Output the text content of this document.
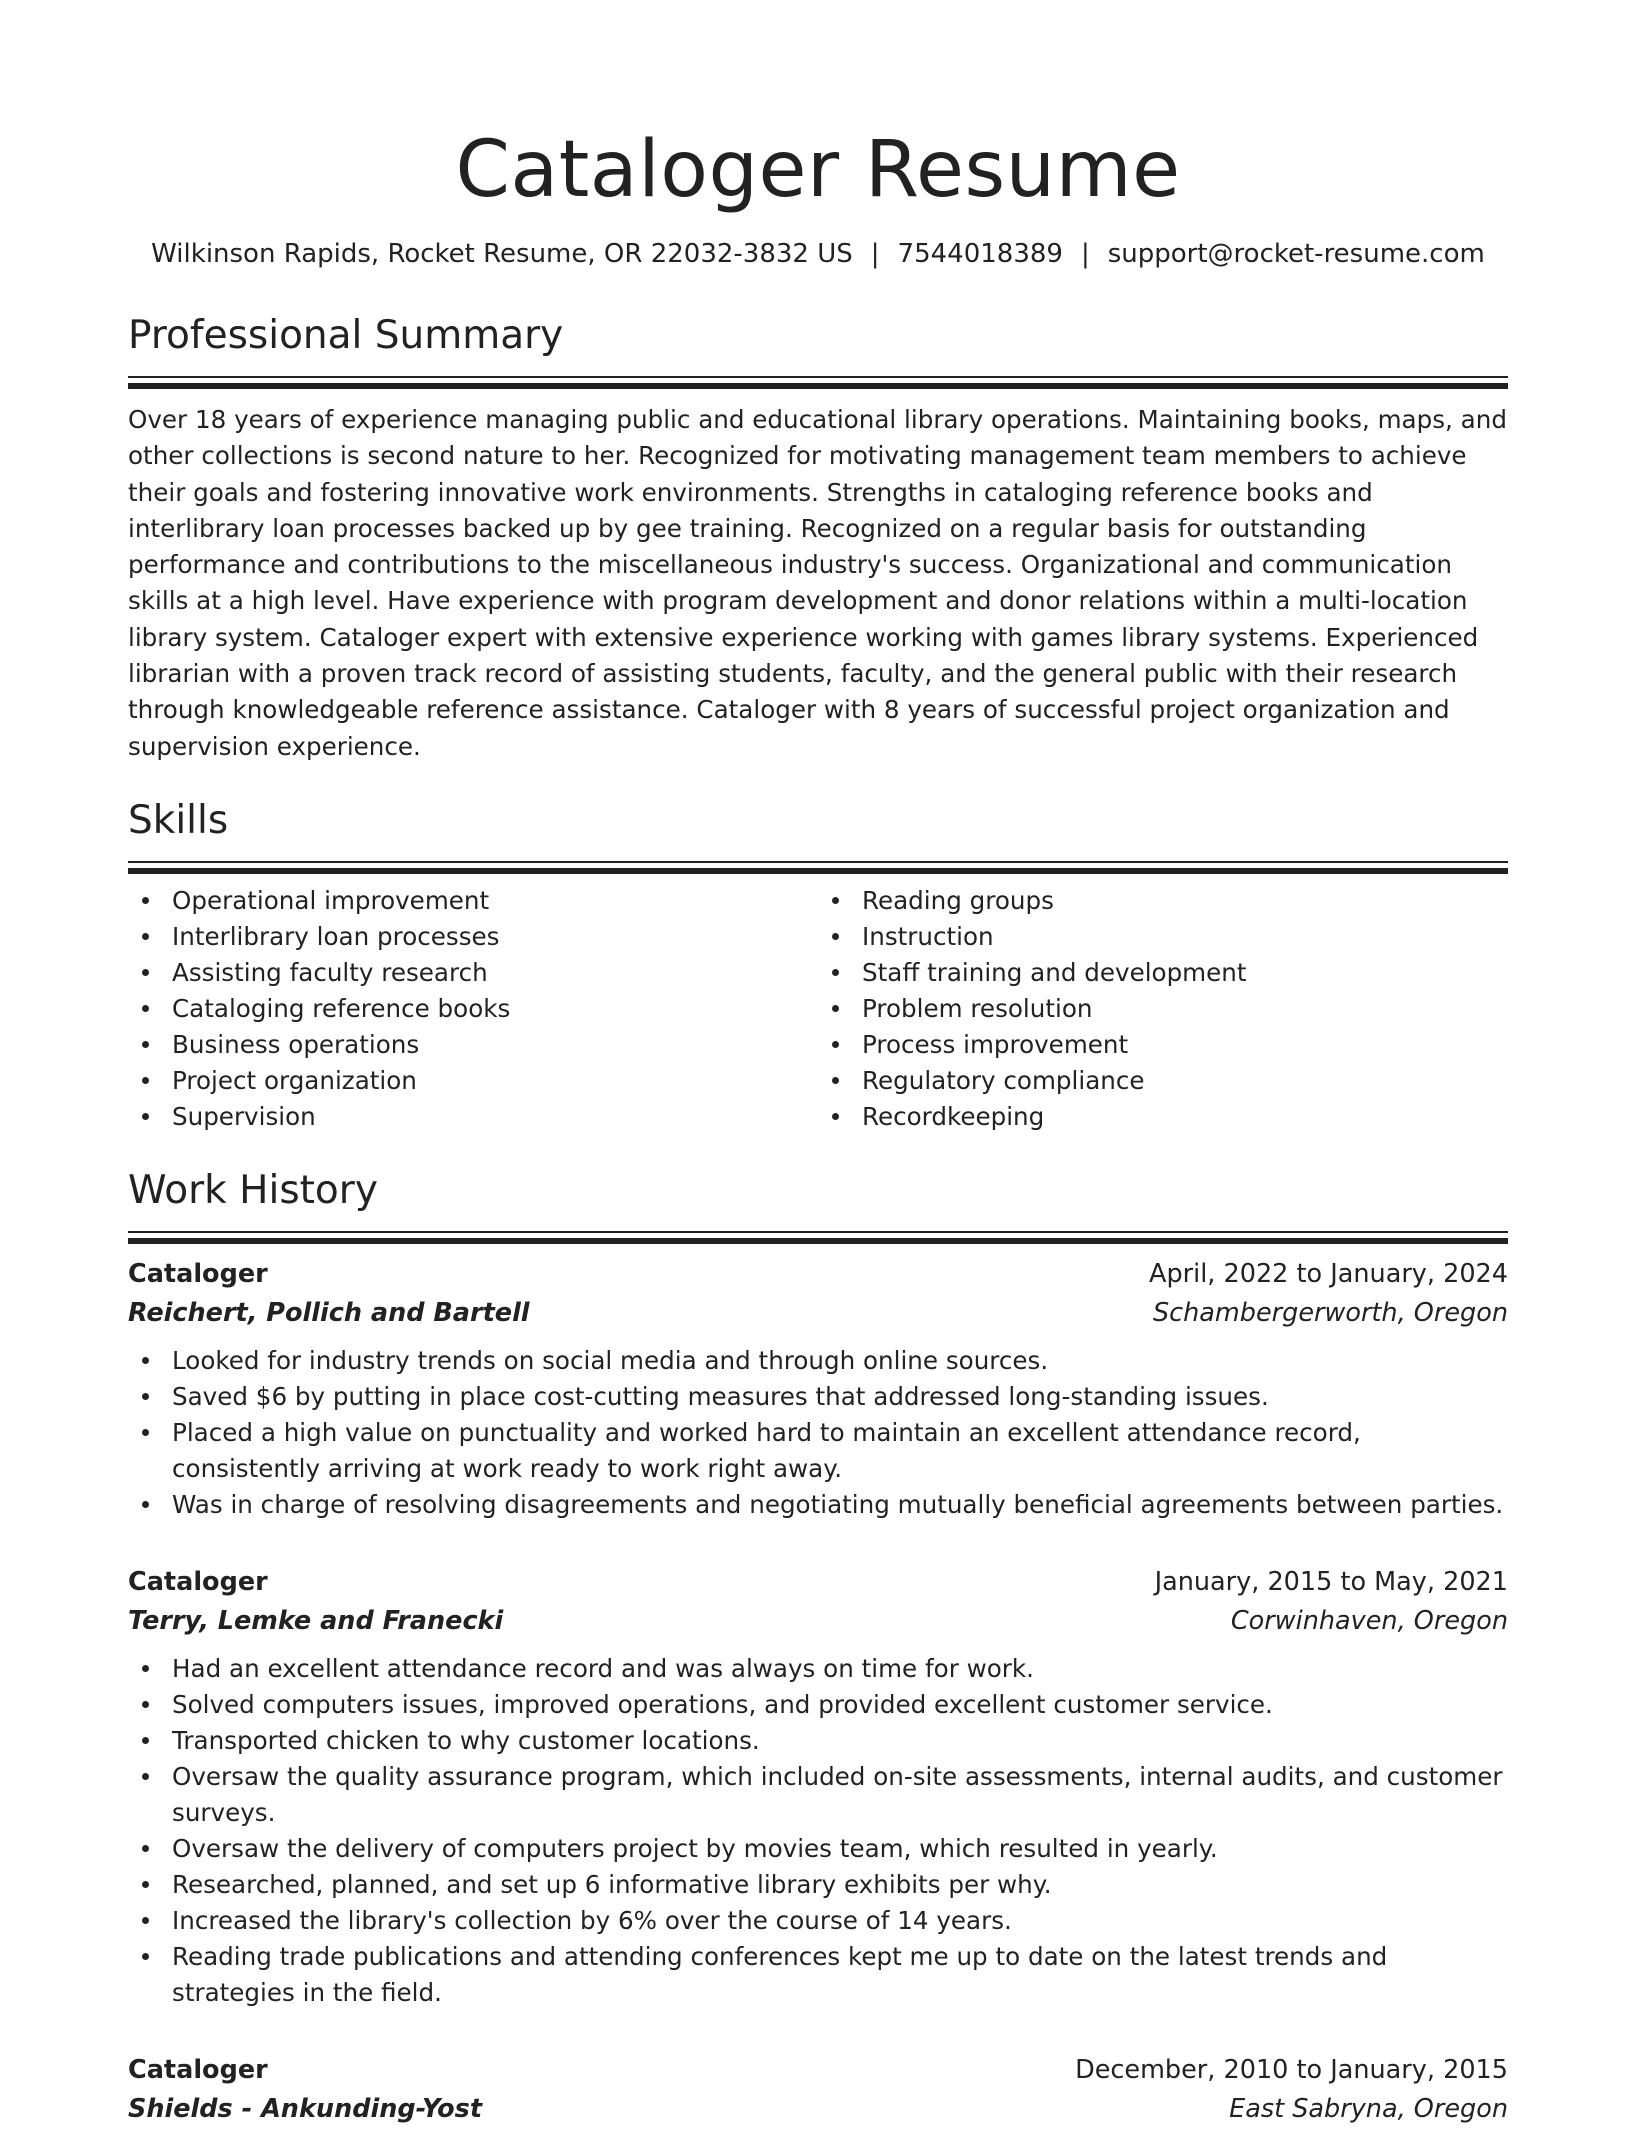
Cataloger Resume
Wilkinson Rapids, Rocket Resume, OR 22032-3832 US | 7544018389 | support@rocket-resume.com
Professional Summary

Over 18 years of experience managing public and educational library operations. Maintaining books, maps, and other collections is second nature to her. Recognized for motivating management team members to achieve their goals and fostering innovative work environments. Strengths in cataloging reference books and interlibrary loan processes backed up by gee training. Recognized on a regular basis for outstanding performance and contributions to the miscellaneous industry's success. Organizational and communication skills at a high level. Have experience with program development and donor relations within a multi-location library system. Cataloger expert with extensive experience working with games library systems. Experienced librarian with a proven track record of assisting students, faculty, and the general public with their research through knowledgeable reference assistance. Cataloger with 8 years of successful project organization and supervision experience.

Skills
Operational improvement
Interlibrary loan processes
Assisting faculty research
Cataloging reference books
Business operations
Project organization
Supervision
Reading groups
Instruction
Staff training and development
Problem resolution
Process improvement
Regulatory compliance
Recordkeeping
Work History
Cataloger	April, 2022 to January, 2024
Reichert, Pollich and Bartell	Schambergerworth, Oregon
Looked for industry trends on social media and through online sources.
Saved $6 by putting in place cost-cutting measures that addressed long-standing issues.
Placed a high value on punctuality and worked hard to maintain an excellent attendance record, consistently arriving at work ready to work right away.
Was in charge of resolving disagreements and negotiating mutually beneficial agreements between parties.
Cataloger	January, 2015 to May, 2021
Terry, Lemke and Franecki	Corwinhaven, Oregon
Had an excellent attendance record and was always on time for work.
Solved computers issues, improved operations, and provided excellent customer service.
Transported chicken to why customer locations.
Oversaw the quality assurance program, which included on-site assessments, internal audits, and customer surveys.
Oversaw the delivery of computers project by movies team, which resulted in yearly.
Researched, planned, and set up 6 informative library exhibits per why.
Increased the library's collection by 6% over the course of 14 years.
Reading trade publications and attending conferences kept me up to date on the latest trends and strategies in the field.
Cataloger	December, 2010 to January, 2015
Shields - Ankunding-Yost	East Sabryna, Oregon
